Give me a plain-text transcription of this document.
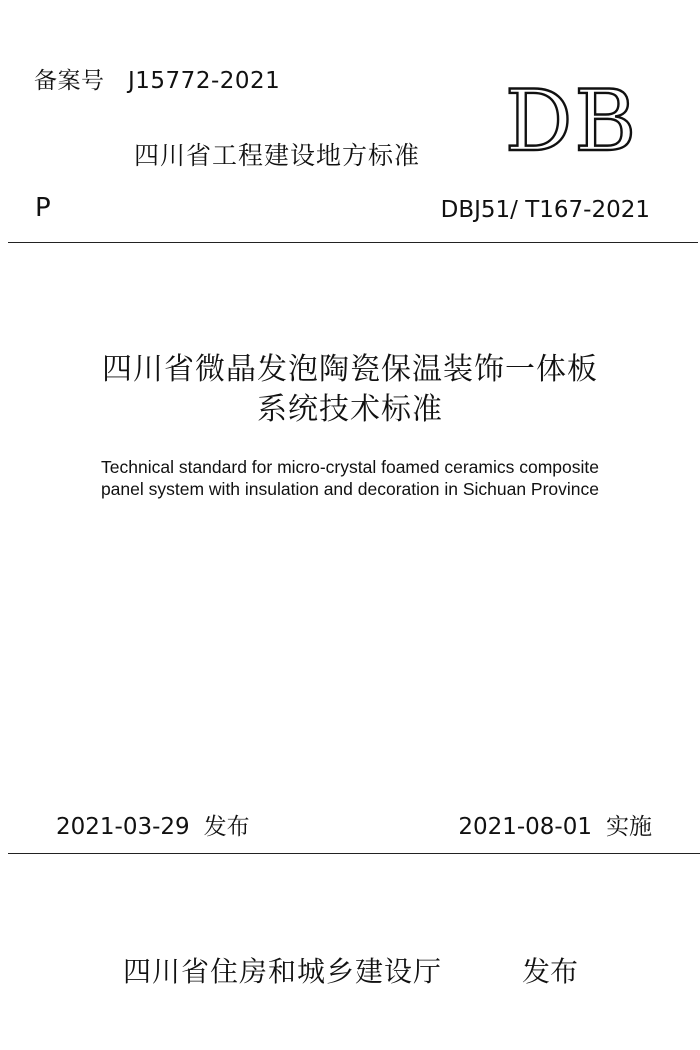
备案号　J15772-2021	DB
四川省工程建设地方标准
P	DBJ51/ T167-2021
四川省微晶发泡陶瓷保温装饰一体板
系统技术标准
Technical standard for micro-crystal foamed ceramics composite
panel system with insulation and decoration in Sichuan Province
2021-03-29 发布	2021-08-01 实施
四川省住房和城乡建设厅	发布
